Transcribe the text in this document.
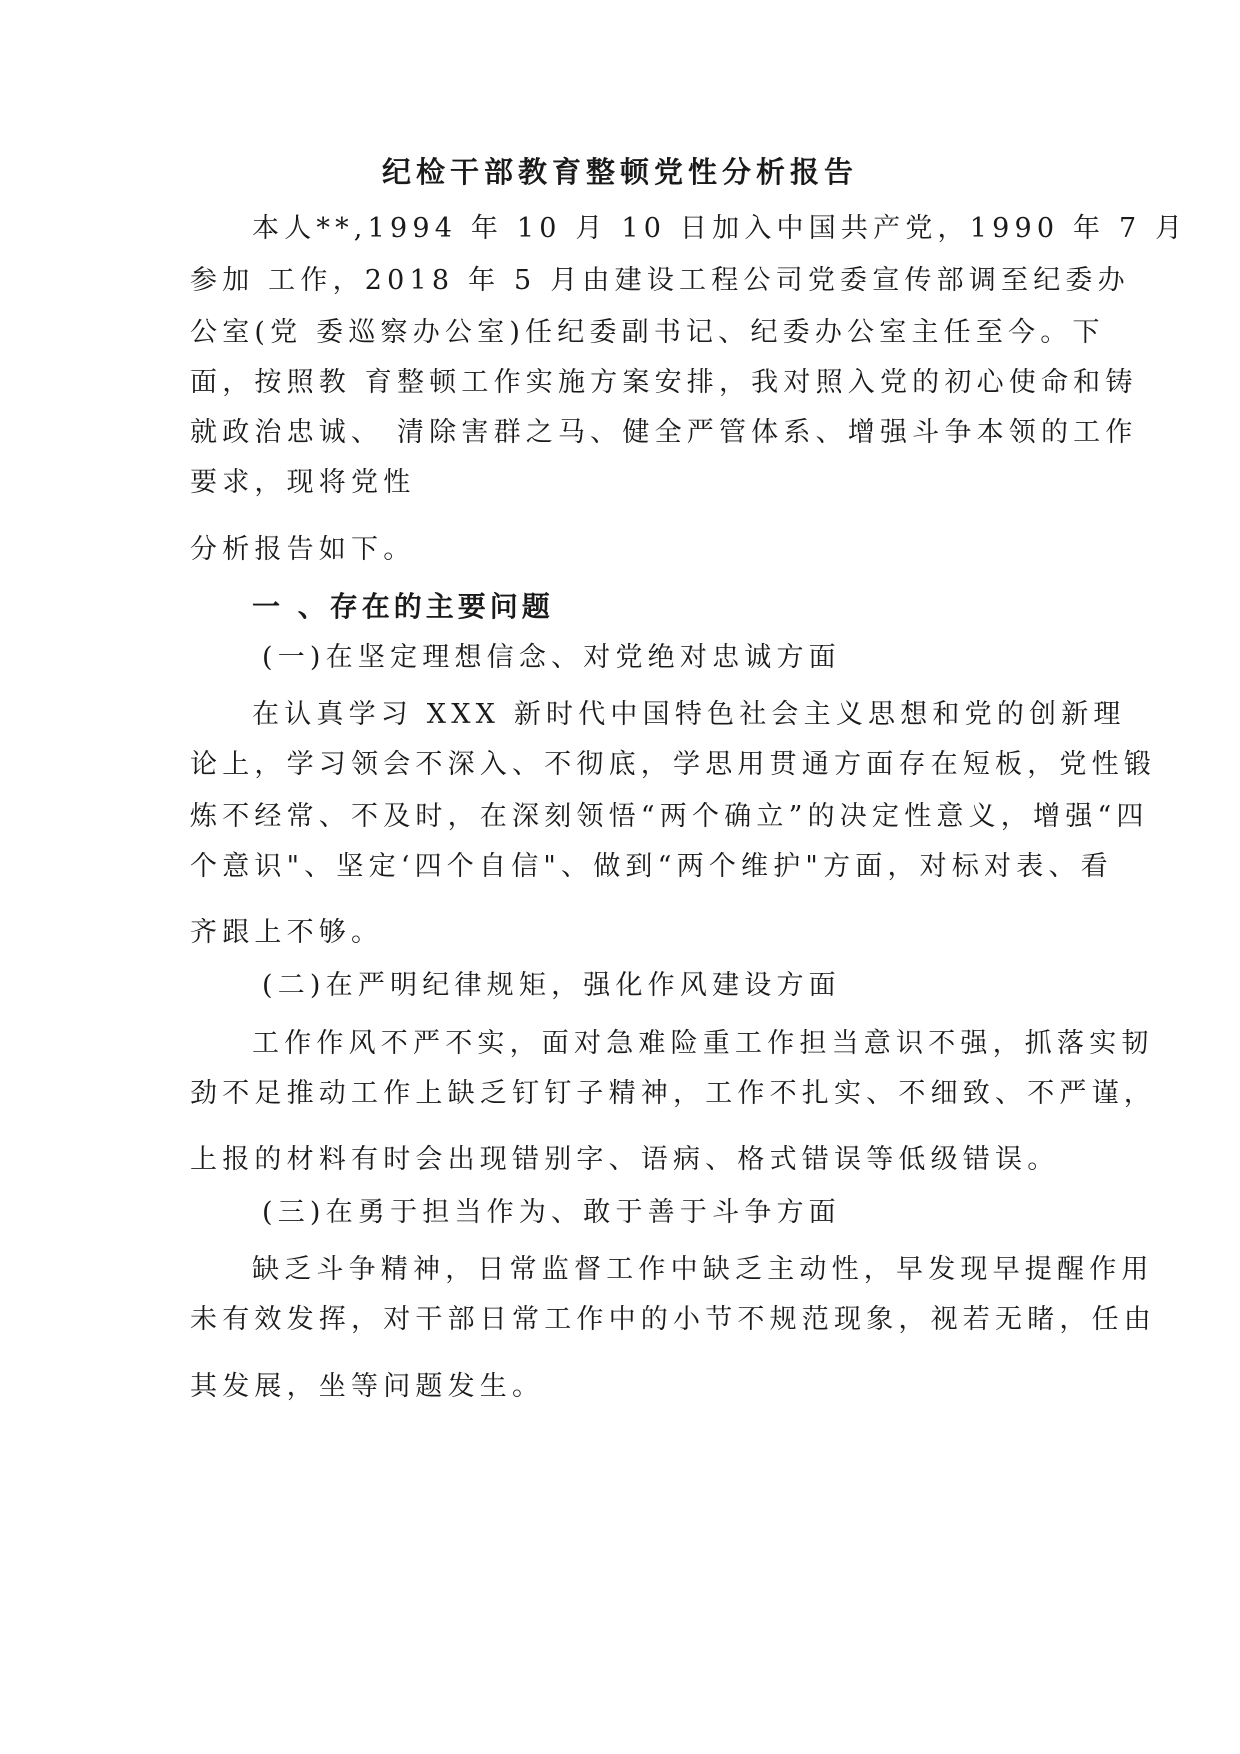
纪检干部教育整顿党性分析报告
本人**,1994 年 10 月 10 日加入中国共产党，1990 年 7 月
参加 工作，2018 年 5 月由建设工程公司党委宣传部调至纪委办
公室(党 委巡察办公室)任纪委副书记、纪委办公室主任至今。下
面，按照教 育整顿工作实施方案安排，我对照入党的初心使命和铸
就政治忠诚、 清除害群之马、健全严管体系、增强斗争本领的工作
要求，现将党性
分析报告如下。
一 、存在的主要问题
(一)在坚定理想信念、对党绝对忠诚方面
在认真学习 XXX 新时代中国特色社会主义思想和党的创新理
论上，学习领会不深入、不彻底，学思用贯通方面存在短板，党性锻
炼不经常、不及时，在深刻领悟“两个确立”的决定性意义，增强“四
个意识"、坚定‘四个自信"、做到“两个维护"方面，对标对表、看
齐跟上不够。
(二)在严明纪律规矩，强化作风建设方面
工作作风不严不实，面对急难险重工作担当意识不强，抓落实韧
劲不足推动工作上缺乏钉钉子精神，工作不扎实、不细致、不严谨，
上报的材料有时会出现错别字、语病、格式错误等低级错误。
(三)在勇于担当作为、敢于善于斗争方面
缺乏斗争精神，日常监督工作中缺乏主动性，早发现早提醒作用
未有效发挥，对干部日常工作中的小节不规范现象，视若无睹，任由
其发展，坐等问题发生。
